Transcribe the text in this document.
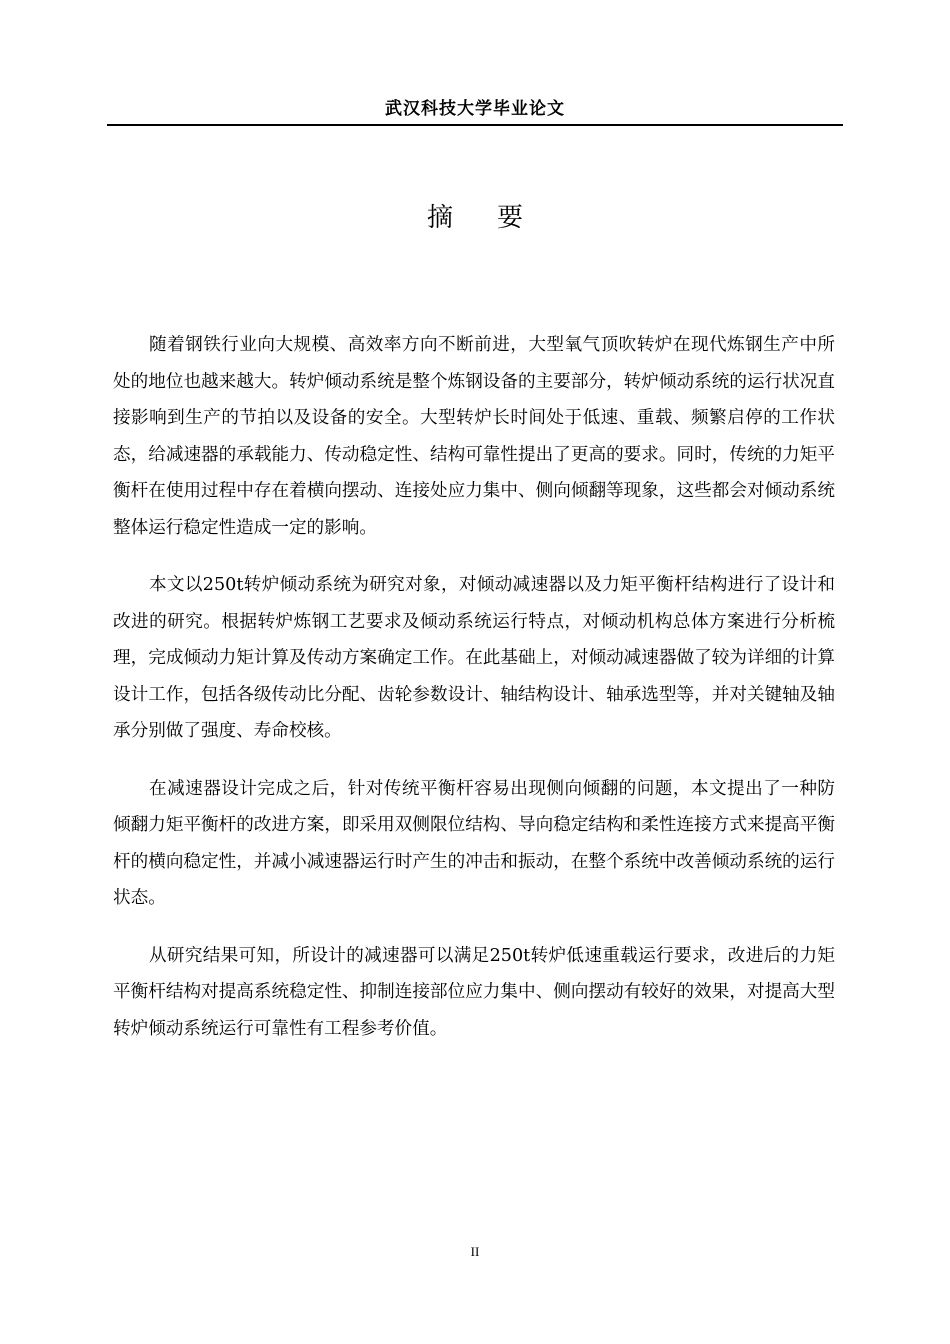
武汉科技大学毕业论文
摘要

随着钢铁行业向大规模、高效率方向不断前进，大型氧气顶吹转炉在现代炼钢生产中所处的地位也越来越大。转炉倾动系统是整个炼钢设备的主要部分，转炉倾动系统的运行状况直接影响到生产的节拍以及设备的安全。大型转炉长时间处于低速、重载、频繁启停的工作状态，给减速器的承载能力、传动稳定性、结构可靠性提出了更高的要求。同时，传统的力矩平衡杆在使用过程中存在着横向摆动、连接处应力集中、侧向倾翻等现象，这些都会对倾动系统整体运行稳定性造成一定的影响。

本文以250t转炉倾动系统为研究对象，对倾动减速器以及力矩平衡杆结构进行了设计和改进的研究。根据转炉炼钢工艺要求及倾动系统运行特点，对倾动机构总体方案进行分析梳理，完成倾动力矩计算及传动方案确定工作。在此基础上，对倾动减速器做了较为详细的计算设计工作，包括各级传动比分配、齿轮参数设计、轴结构设计、轴承选型等，并对关键轴及轴承分别做了强度、寿命校核。

在减速器设计完成之后，针对传统平衡杆容易出现侧向倾翻的问题，本文提出了一种防倾翻力矩平衡杆的改进方案，即采用双侧限位结构、导向稳定结构和柔性连接方式来提高平衡杆的横向稳定性，并减小减速器运行时产生的冲击和振动，在整个系统中改善倾动系统的运行状态。

从研究结果可知，所设计的减速器可以满足250t转炉低速重载运行要求，改进后的力矩平衡杆结构对提高系统稳定性、抑制连接部位应力集中、侧向摆动有较好的效果，对提高大型转炉倾动系统运行可靠性有工程参考价值。

II
